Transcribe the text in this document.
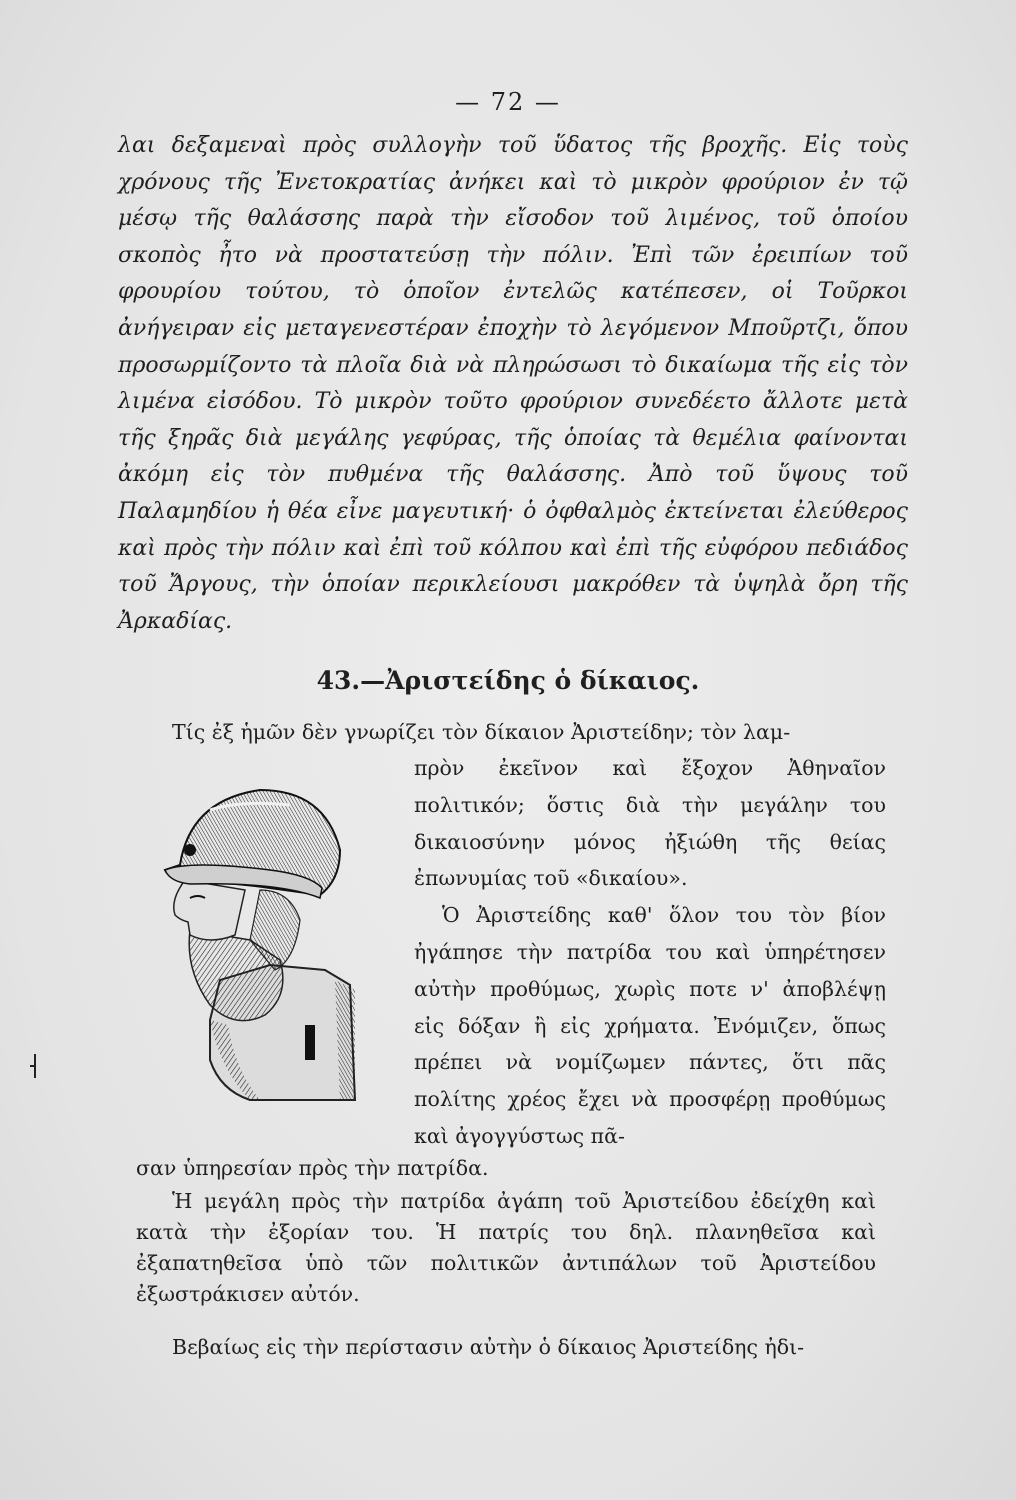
— 72 —

λαι δεξαμεναὶ πρὸς συλλογὴν τοῦ ὕδατος τῆς βροχῆς. Εἰς τοὺς χρόνους τῆς Ἐνετοκρατίας ἀνήκει καὶ τὸ μικρὸν φρούριον ἐν τῷ μέσῳ τῆς θαλάσσης παρὰ τὴν εἴσοδον τοῦ λιμένος, τοῦ ὁποίου σκοπὸς ἦτο νὰ προστατεύσῃ τὴν πόλιν. Ἐπὶ τῶν ἐρειπίων τοῦ φρουρίου τούτου, τὸ ὁποῖον ἐντελῶς κατέπεσεν, οἱ Τοῦρκοι ἀνήγειραν εἰς μεταγενεστέραν ἐποχὴν τὸ λεγόμενον Μποῦρτζι, ὅπου προσωρμίζοντο τὰ πλοῖα διὰ νὰ πληρώσωσι τὸ δικαίωμα τῆς εἰς τὸν λιμένα εἰσόδου. Τὸ μικρὸν τοῦτο φρούριον συνεδέετο ἄλλοτε μετὰ τῆς ξηρᾶς διὰ μεγάλης γεφύρας, τῆς ὁποίας τὰ θεμέλια φαίνονται ἀκόμη εἰς τὸν πυθμένα τῆς θαλάσσης. Ἀπὸ τοῦ ὕψους τοῦ Παλαμηδίου ἡ θέα εἶνε μαγευτική· ὁ ὀφθαλμὸς ἐκτείνεται ἐλεύθερος καὶ πρὸς τὴν πόλιν καὶ ἐπὶ τοῦ κόλπου καὶ ἐπὶ τῆς εὐφόρου πεδιάδος τοῦ Ἄργους, τὴν ὁποίαν περικλείουσι μακρόθεν τὰ ὑψηλὰ ὄρη τῆς Ἀρκαδίας.

43.—Ἀριστείδης ὁ δίκαιος.

Τίς ἐξ ἡμῶν δὲν γνωρίζει τὸν δίκαιον Ἀριστείδην; τὸν λαμ-

πρὸν ἐκεῖνον καὶ ἔξοχον Ἀθηναῖον πολιτικόν; ὅστις διὰ τὴν μεγάλην του δικαιοσύνην μόνος ἠξιώθη τῆς θείας ἐπωνυμίας τοῦ «δικαίου».
Ὁ Ἀριστείδης καθ' ὅλον του τὸν βίον ἠγάπησε τὴν πατρίδα του καὶ ὑπηρέτησεν αὐτὴν προθύμως, χωρὶς ποτε ν' ἀποβλέψῃ εἰς δόξαν ἢ εἰς χρήματα. Ἐνόμιζεν, ὅπως πρέπει νὰ νομίζωμεν πάντες, ὅτι πᾶς πολίτης χρέος ἔχει νὰ προσφέρῃ προθύμως καὶ ἀγογγύστως πᾶ-

σαν ὑπηρεσίαν πρὸς τὴν πατρίδα.

Ἡ μεγάλη πρὸς τὴν πατρίδα ἀγάπη τοῦ Ἀριστείδου ἐδείχθη καὶ κατὰ τὴν ἐξορίαν του. Ἡ πατρίς του δηλ. πλανηθεῖσα καὶ ἐξαπατηθεῖσα ὑπὸ τῶν πολιτικῶν ἀντιπάλων τοῦ Ἀριστείδου ἐξωστράκισεν αὐτόν.

Βεβαίως εἰς τὴν περίστασιν αὐτὴν ὁ δίκαιος Ἀριστείδης ἠδι-
